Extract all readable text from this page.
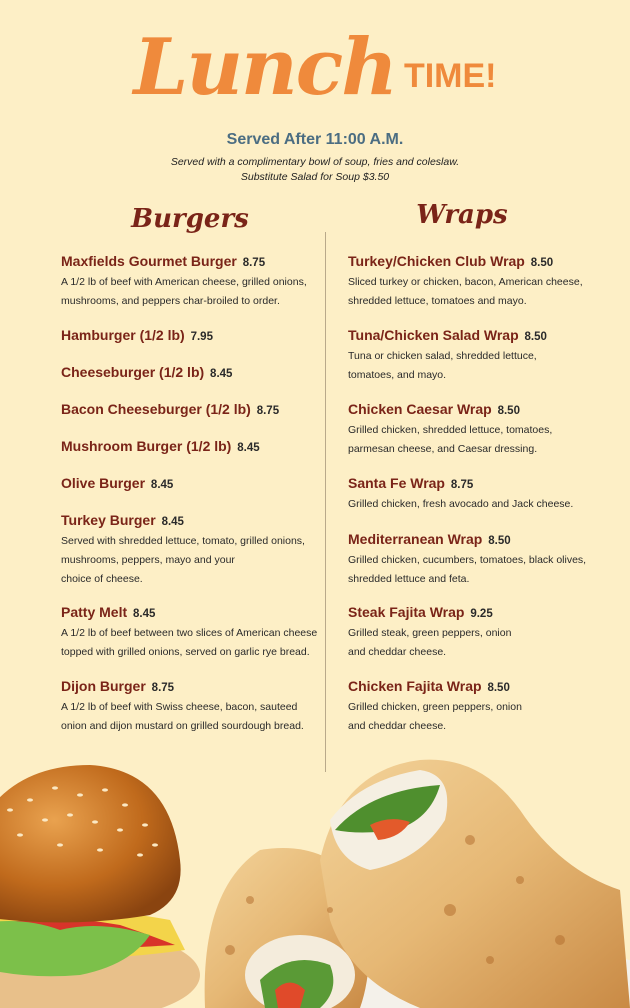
Lunch TIME!
Served After 11:00 A.M.
Served with a complimentary bowl of soup, fries and coleslaw.
Substitute Salad for Soup $3.50
Burgers	Wraps
Maxfields Gourmet Burger 8.75
A 1/2 lb of beef with American cheese, grilled onions,
mushrooms, and peppers char-broiled to order.
Hamburger (1/2 lb) 7.95
Cheeseburger (1/2 lb) 8.45
Bacon Cheeseburger (1/2 lb) 8.75
Mushroom Burger (1/2 lb) 8.45
Olive Burger 8.45
Turkey Burger 8.45
Served with shredded lettuce, tomato, grilled onions,
mushrooms, peppers, mayo and your
choice of cheese.
Patty Melt 8.45
A 1/2 lb of beef between two slices of American cheese
topped with grilled onions, served on garlic rye bread.
Dijon Burger 8.75
A 1/2 lb of beef with Swiss cheese, bacon, sauteed
onion and dijon mustard on grilled sourdough bread.
Turkey/Chicken Club Wrap 8.50
Sliced turkey or chicken, bacon, American cheese,
shredded lettuce, tomatoes and mayo.
Tuna/Chicken Salad Wrap 8.50
Tuna or chicken salad, shredded lettuce,
tomatoes, and mayo.
Chicken Caesar Wrap 8.50
Grilled chicken, shredded lettuce, tomatoes,
parmesan cheese, and Caesar dressing.
Santa Fe Wrap 8.75
Grilled chicken, fresh avocado and Jack cheese.
Mediterranean Wrap 8.50
Grilled chicken, cucumbers, tomatoes, black olives,
shredded lettuce and feta.
Steak Fajita Wrap 9.25
Grilled steak, green peppers, onion
and cheddar cheese.
Chicken Fajita Wrap 8.50
Grilled chicken, green peppers, onion
and cheddar cheese.
